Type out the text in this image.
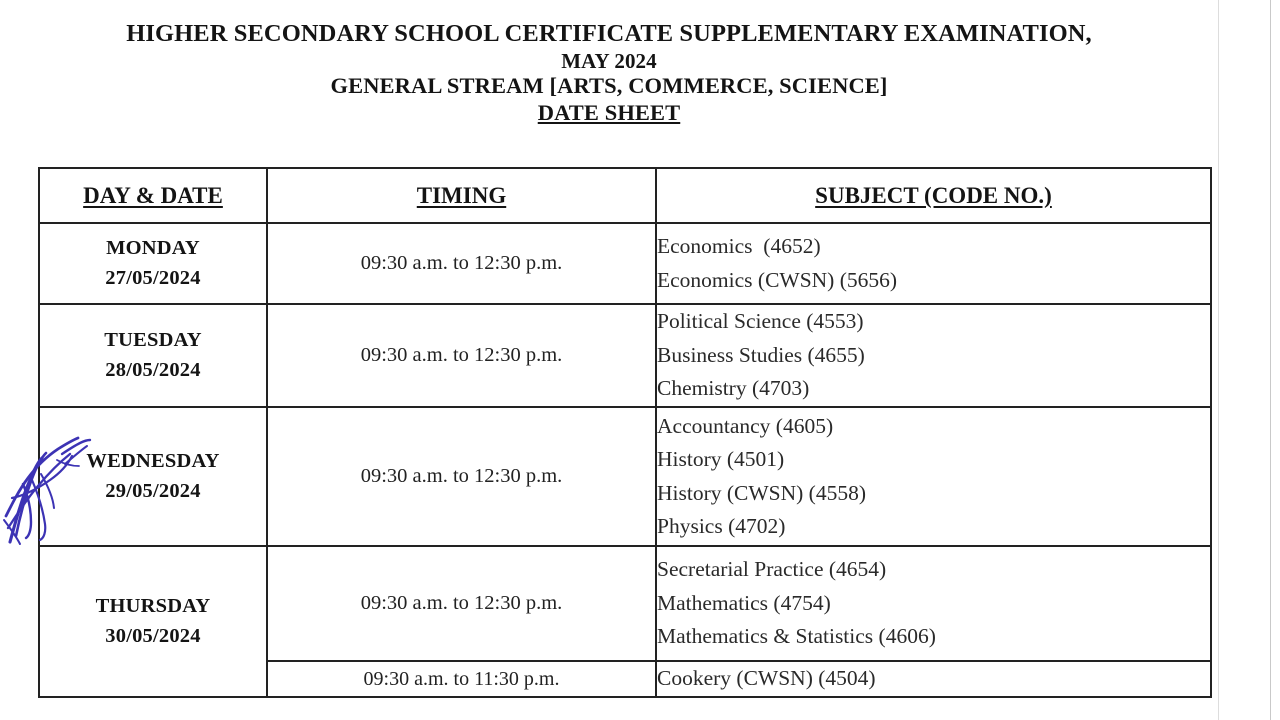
HIGHER SECONDARY SCHOOL CERTIFICATE SUPPLEMENTARY EXAMINATION,
MAY 2024
GENERAL STREAM [ARTS, COMMERCE, SCIENCE]
DATE SHEET
DAY & DATE	TIMING	SUBJECT (CODE NO.)

MONDAY
27/05/2024	09:30 a.m. to 12:30 p.m.	Economics  (4652)
Economics (CWSN) (5656)

TUESDAY
28/05/2024	09:30 a.m. to 12:30 p.m.	Political Science (4553)
Business Studies (4655)
Chemistry (4703)

WEDNESDAY
29/05/2024	09:30 a.m. to 12:30 p.m.	Accountancy (4605)
History (4501)
History (CWSN) (4558)
Physics (4702)

THURSDAY
30/05/2024	09:30 a.m. to 12:30 p.m.	Secretarial Practice (4654)
Mathematics (4754)
Mathematics & Statistics (4606)

	09:30 a.m. to 11:30 p.m.	Cookery (CWSN) (4504)
